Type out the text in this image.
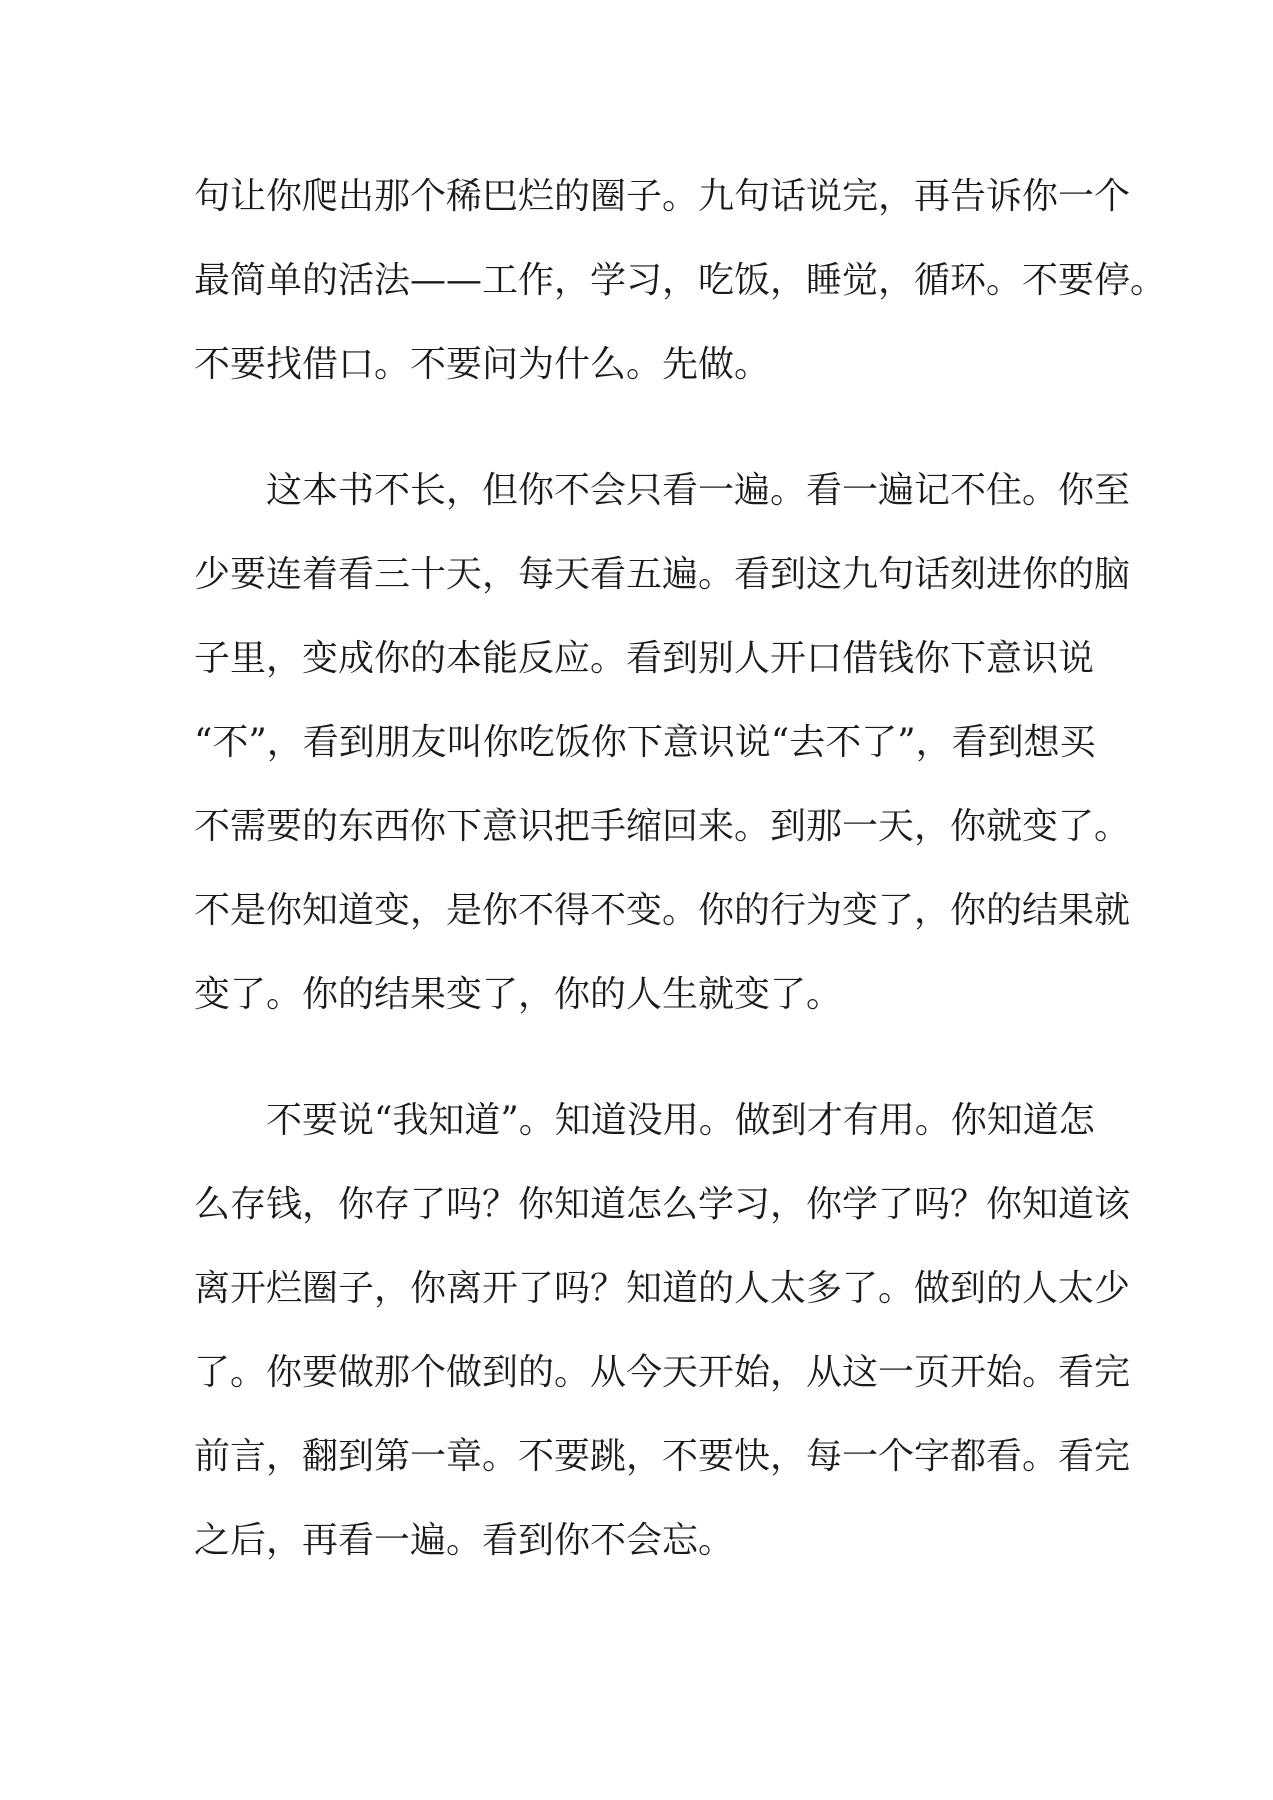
句让你爬出那个稀巴烂的圈子。九句话说完，再告诉你一个
最简单的活法——工作，学习，吃饭，睡觉，循环。不要停。
不要找借口。不要问为什么。先做。
这本书不长，但你不会只看一遍。看一遍记不住。你至
少要连着看三十天，每天看五遍。看到这九句话刻进你的脑
子里，变成你的本能反应。看到别人开口借钱你下意识说
“不”，看到朋友叫你吃饭你下意识说“去不了”，看到想买
不需要的东西你下意识把手缩回来。到那一天，你就变了。
不是你知道变，是你不得不变。你的行为变了，你的结果就
变了。你的结果变了，你的人生就变了。
不要说“我知道”。知道没用。做到才有用。你知道怎
么存钱，你存了吗？你知道怎么学习，你学了吗？你知道该
离开烂圈子，你离开了吗？知道的人太多了。做到的人太少
了。你要做那个做到的。从今天开始，从这一页开始。看完
前言，翻到第一章。不要跳，不要快，每一个字都看。看完
之后，再看一遍。看到你不会忘。
